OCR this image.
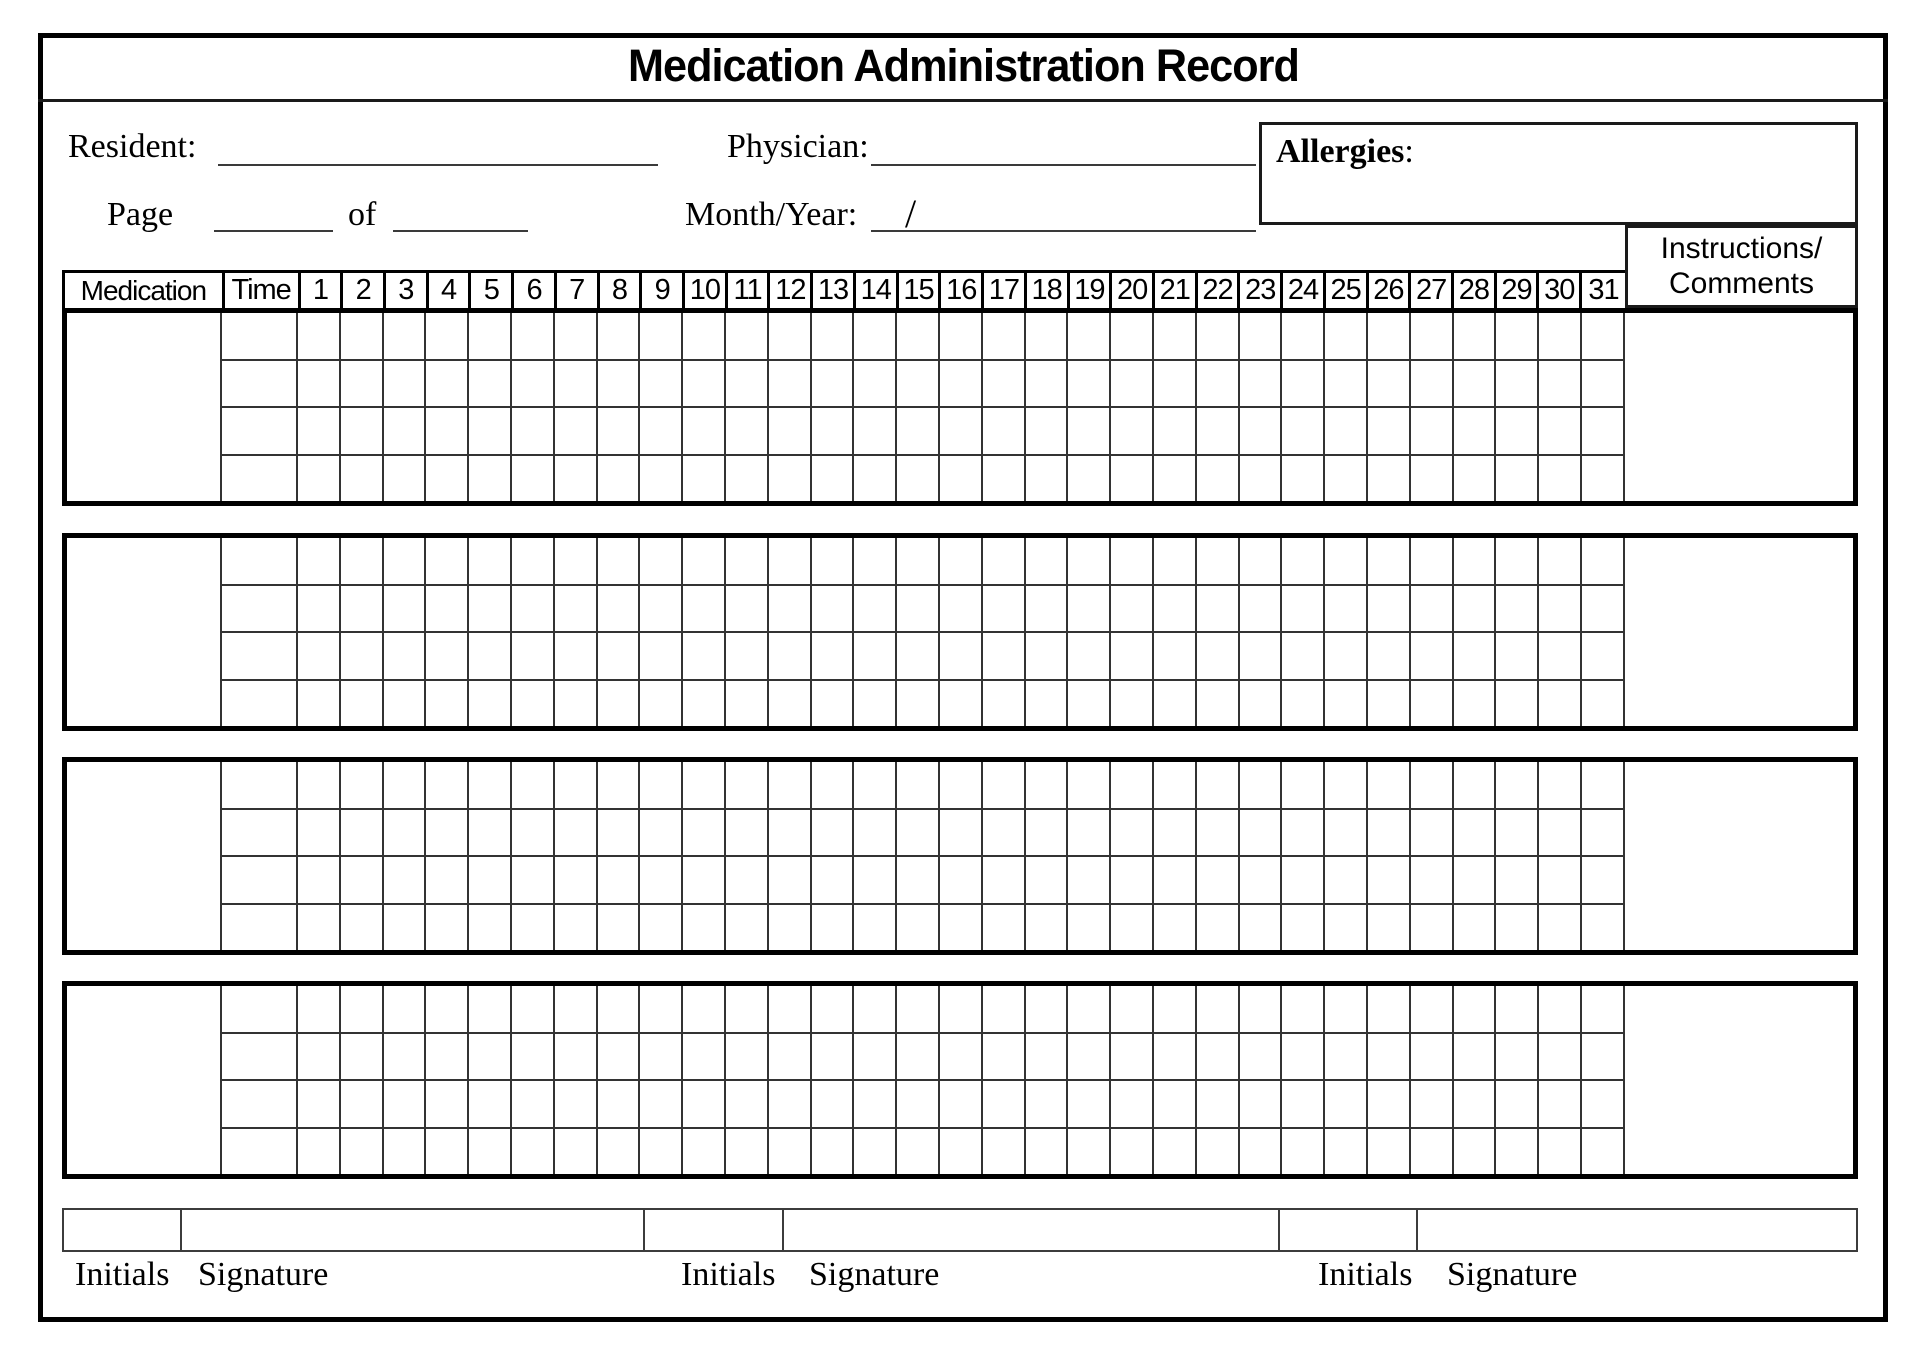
Medication Administration Record
Resident:	Physician:	Allergies:
Page	of	Month/Year: /
Instructions/
Comments
Medication Time 1 2 3 4 5 6 7 8 9 10 11 12 13 14 15 16 17 18 19 20 21 22 23 24 25 26 27 28 29 30 31
Initials Signature	Initials Signature	Initials Signature
